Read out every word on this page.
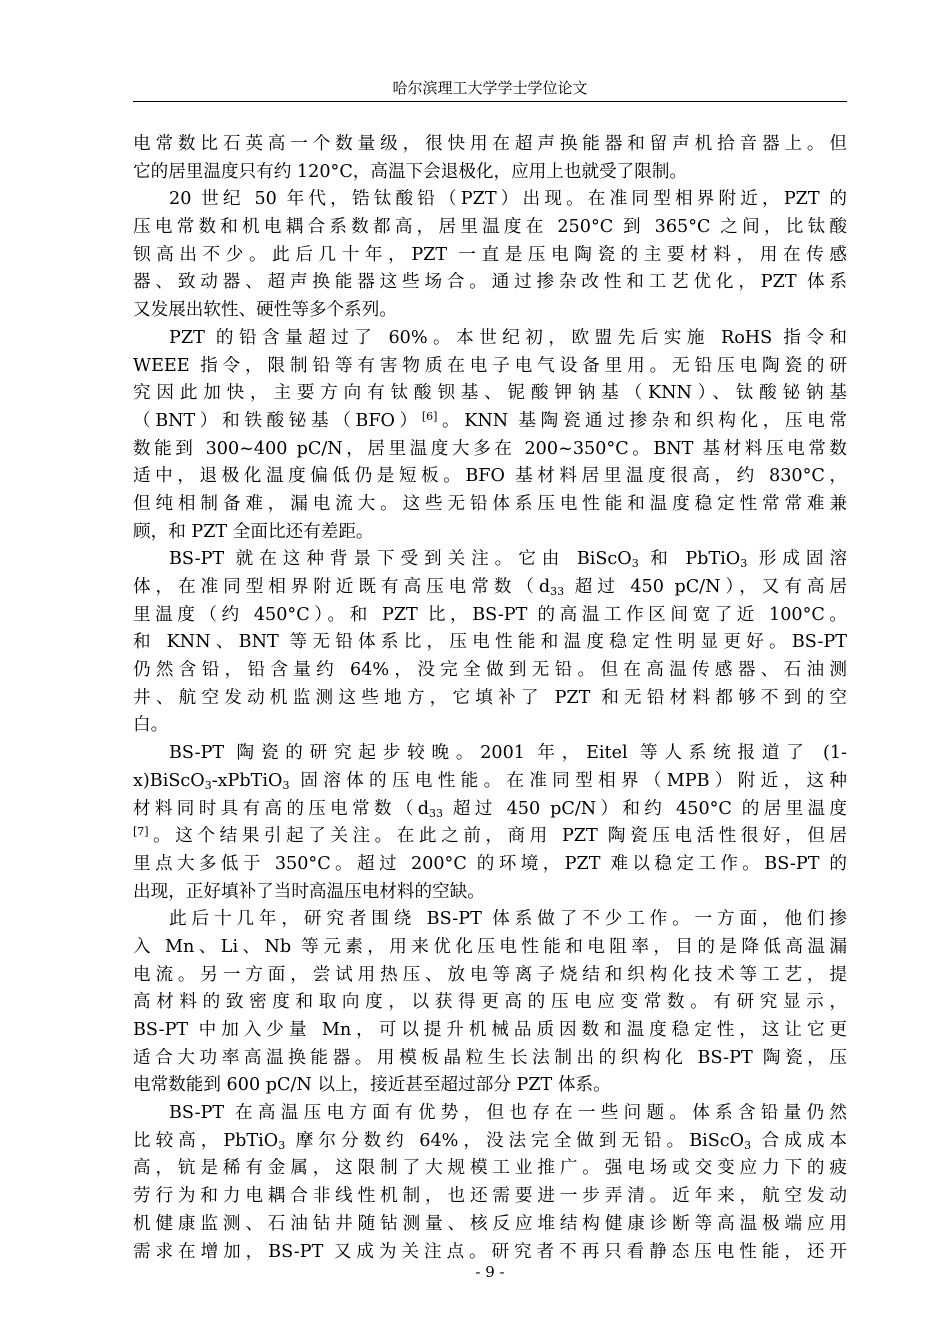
哈尔滨理工大学学士学位论文
电常数比石英高一个数量级，很快用在超声换能器和留声机拾音器上。但
它的居里温度只有约 120°C，高温下会退极化，应用上也就受了限制。
20 世纪 50 年代，锆钛酸铅（PZT）出现。在准同型相界附近，PZT 的
压电常数和机电耦合系数都高，居里温度在 250°C 到 365°C 之间，比钛酸
钡高出不少。此后几十年，PZT 一直是压电陶瓷的主要材料，用在传感
器、致动器、超声换能器这些场合。通过掺杂改性和工艺优化，PZT 体系
又发展出软性、硬性等多个系列。
PZT 的铅含量超过了 60%。本世纪初，欧盟先后实施 RoHS 指令和
WEEE 指令，限制铅等有害物质在电子电气设备里用。无铅压电陶瓷的研
究因此加快，主要方向有钛酸钡基、铌酸钾钠基（KNN）、钛酸铋钠基
（BNT）和铁酸铋基（BFO）[6]。KNN 基陶瓷通过掺杂和织构化，压电常
数能到 300~400 pC/N，居里温度大多在 200~350°C。BNT 基材料压电常数
适中，退极化温度偏低仍是短板。BFO 基材料居里温度很高，约 830°C，
但纯相制备难，漏电流大。这些无铅体系压电性能和温度稳定性常常难兼
顾，和 PZT 全面比还有差距。
BS-PT 就在这种背景下受到关注。它由 BiScO$_3$ 和 PbTiO$_3$ 形成固溶
体，在准同型相界附近既有高压电常数（$d_{33}$ 超过 450 pC/N），又有高居
里温度（约 450°C）。和 PZT 比，BS-PT 的高温工作区间宽了近 100°C。
和 KNN、BNT 等无铅体系比，压电性能和温度稳定性明显更好。BS-PT
仍然含铅，铅含量约 64%，没完全做到无铅。但在高温传感器、石油测
井、航空发动机监测这些地方，它填补了 PZT 和无铅材料都够不到的空
白。
BS-PT 陶瓷的研究起步较晚。2001 年，Eitel 等人系统报道了 (1-
x)BiScO$_3$-xPbTiO$_3$ 固溶体的压电性能。在准同型相界（MPB）附近，这种
材料同时具有高的压电常数（$d_{33}$ 超过 450 pC/N）和约 450°C 的居里温度
[7]。这个结果引起了关注。在此之前，商用 PZT 陶瓷压电活性很好，但居
里点大多低于 350°C。超过 200°C 的环境，PZT 难以稳定工作。BS-PT 的
出现，正好填补了当时高温压电材料的空缺。
此后十几年，研究者围绕 BS-PT 体系做了不少工作。一方面，他们掺
入 Mn、Li、Nb 等元素，用来优化压电性能和电阻率，目的是降低高温漏
电流。另一方面，尝试用热压、放电等离子烧结和织构化技术等工艺，提
高材料的致密度和取向度，以获得更高的压电应变常数。有研究显示，
BS-PT 中加入少量 Mn，可以提升机械品质因数和温度稳定性，这让它更
适合大功率高温换能器。用模板晶粒生长法制出的织构化 BS-PT 陶瓷，压
电常数能到 600 pC/N 以上，接近甚至超过部分 PZT 体系。
BS-PT 在高温压电方面有优势，但也存在一些问题。体系含铅量仍然
比较高，PbTiO$_3$ 摩尔分数约 64%，没法完全做到无铅。BiScO$_3$ 合成成本
高，钪是稀有金属，这限制了大规模工业推广。强电场或交变应力下的疲
劳行为和力电耦合非线性机制，也还需要进一步弄清。近年来，航空发动
机健康监测、石油钻井随钻测量、核反应堆结构健康诊断等高温极端应用
需求在增加，BS-PT 又成为关注点。研究者不再只看静态压电性能，还开
- 9 -
